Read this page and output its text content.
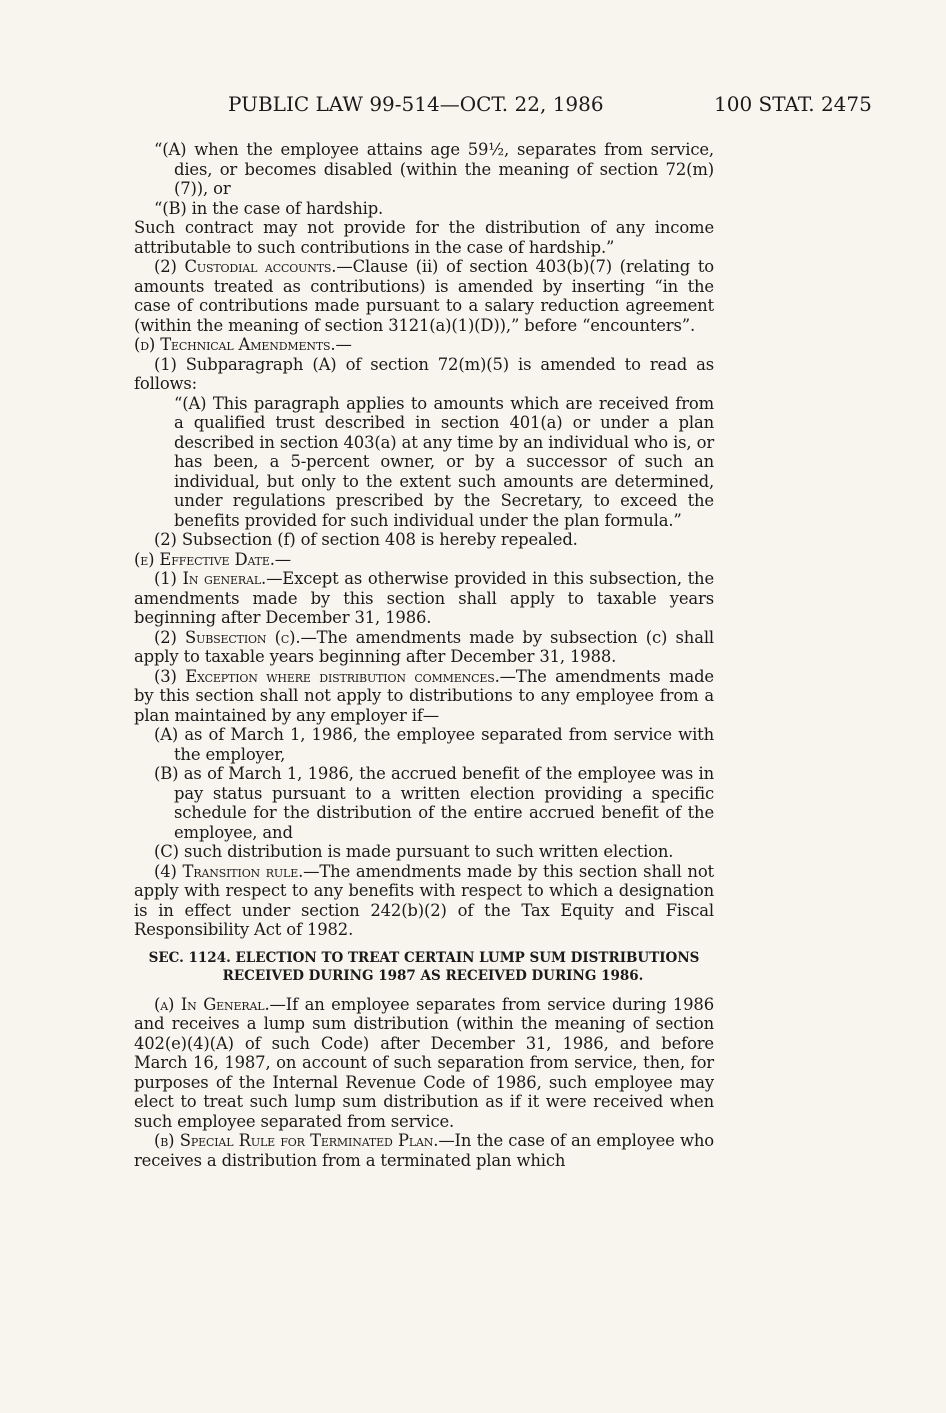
PUBLIC LAW 99-514—OCT. 22, 1986	100 STAT. 2475

“(A) when the employee attains age 59½, separates from service, dies, or becomes disabled (within the meaning of section 72(m)(7)), or

“(B) in the case of hardship.

Such contract may not provide for the distribution of any income attributable to such contributions in the case of hardship.”

(2) Custodial accounts.—Clause (ii) of section 403(b)(7) (relating to amounts treated as contributions) is amended by inserting “in the case of contributions made pursuant to a salary reduction agreement (within the meaning of section 3121(a)(1)(D)),” before “encounters”.

(d) Technical Amendments.—

(1) Subparagraph (A) of section 72(m)(5) is amended to read as follows:

“(A) This paragraph applies to amounts which are received from a qualified trust described in section 401(a) or under a plan described in section 403(a) at any time by an individual who is, or has been, a 5-percent owner, or by a successor of such an individual, but only to the extent such amounts are determined, under regulations prescribed by the Secretary, to exceed the benefits provided for such individual under the plan formula.”

(2) Subsection (f) of section 408 is hereby repealed.

(e) Effective Date.—

(1) In general.—Except as otherwise provided in this subsection, the amendments made by this section shall apply to taxable years beginning after December 31, 1986.

(2) Subsection (c).—The amendments made by subsection (c) shall apply to taxable years beginning after December 31, 1988.

(3) Exception where distribution commences.—The amendments made by this section shall not apply to distributions to any employee from a plan maintained by any employer if—

(A) as of March 1, 1986, the employee separated from service with the employer,

(B) as of March 1, 1986, the accrued benefit of the employee was in pay status pursuant to a written election providing a specific schedule for the distribution of the entire accrued benefit of the employee, and

(C) such distribution is made pursuant to such written election.

(4) Transition rule.—The amendments made by this section shall not apply with respect to any benefits with respect to which a designation is in effect under section 242(b)(2) of the Tax Equity and Fiscal Responsibility Act of 1982.

SEC. 1124. ELECTION TO TREAT CERTAIN LUMP SUM DISTRIBUTIONS RECEIVED DURING 1987 AS RECEIVED DURING 1986.

(a) In General.—If an employee separates from service during 1986 and receives a lump sum distribution (within the meaning of section 402(e)(4)(A) of such Code) after December 31, 1986, and before March 16, 1987, on account of such separation from service, then, for purposes of the Internal Revenue Code of 1986, such employee may elect to treat such lump sum distribution as if it were received when such employee separated from service.

(b) Special Rule for Terminated Plan.—In the case of an employee who receives a distribution from a terminated plan which
